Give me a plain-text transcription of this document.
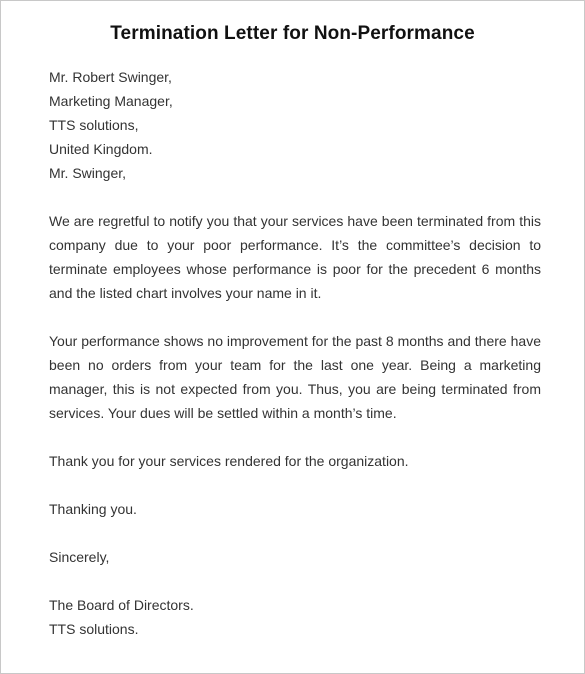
Termination Letter for Non-Performance
Mr. Robert Swinger,
Marketing Manager,
TTS solutions,
United Kingdom.
Mr. Swinger,

We are regretful to notify you that your services have been terminated from this company due to your poor performance. It’s the committee’s decision to terminate employees whose performance is poor for the precedent 6 months and the listed chart involves your name in it.

Your performance shows no improvement for the past 8 months and there have been no orders from your team for the last one year. Being a marketing manager, this is not expected from you. Thus, you are being terminated from services. Your dues will be settled within a month’s time.

Thank you for your services rendered for the organization.

Thanking you.

Sincerely,

The Board of Directors.
TTS solutions.
